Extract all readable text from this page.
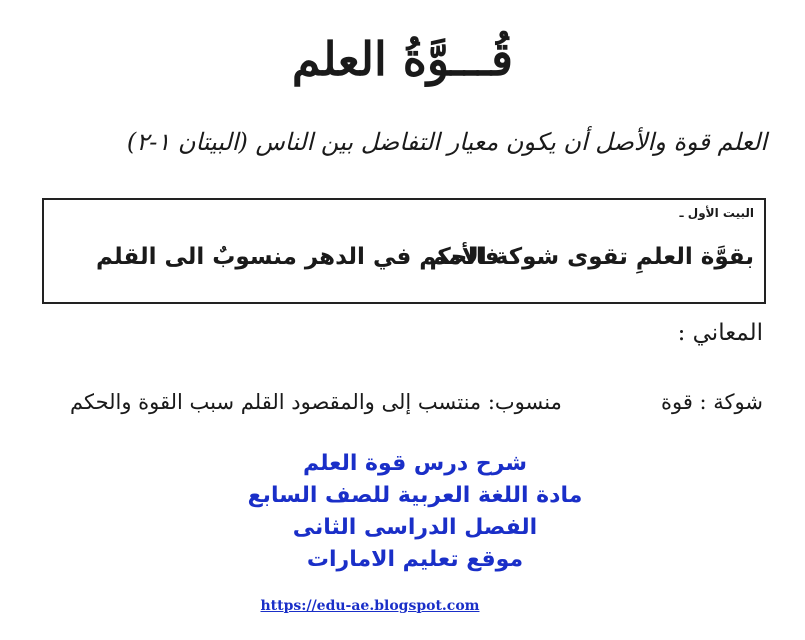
قُـــوَّةُ العلم
العلم قوة والأصل أن يكون معيار التفاضل بين الناس (البيتان ١-٢)
البيت الأول ـ
بقوَّة العلمِ تقوى شوكة الأمم
فالحكم في الدهر منسوبٌ الى القلم
المعاني :
شوكة : قوة
منسوب: منتسب إلى والمقصود القلم سبب القوة والحكم
شرح درس قوة العلم
مادة اللغة العربية للصف السابع
الفصل الدراسى الثانى
موقع تعليم الامارات
https://edu-ae.blogspot.com
